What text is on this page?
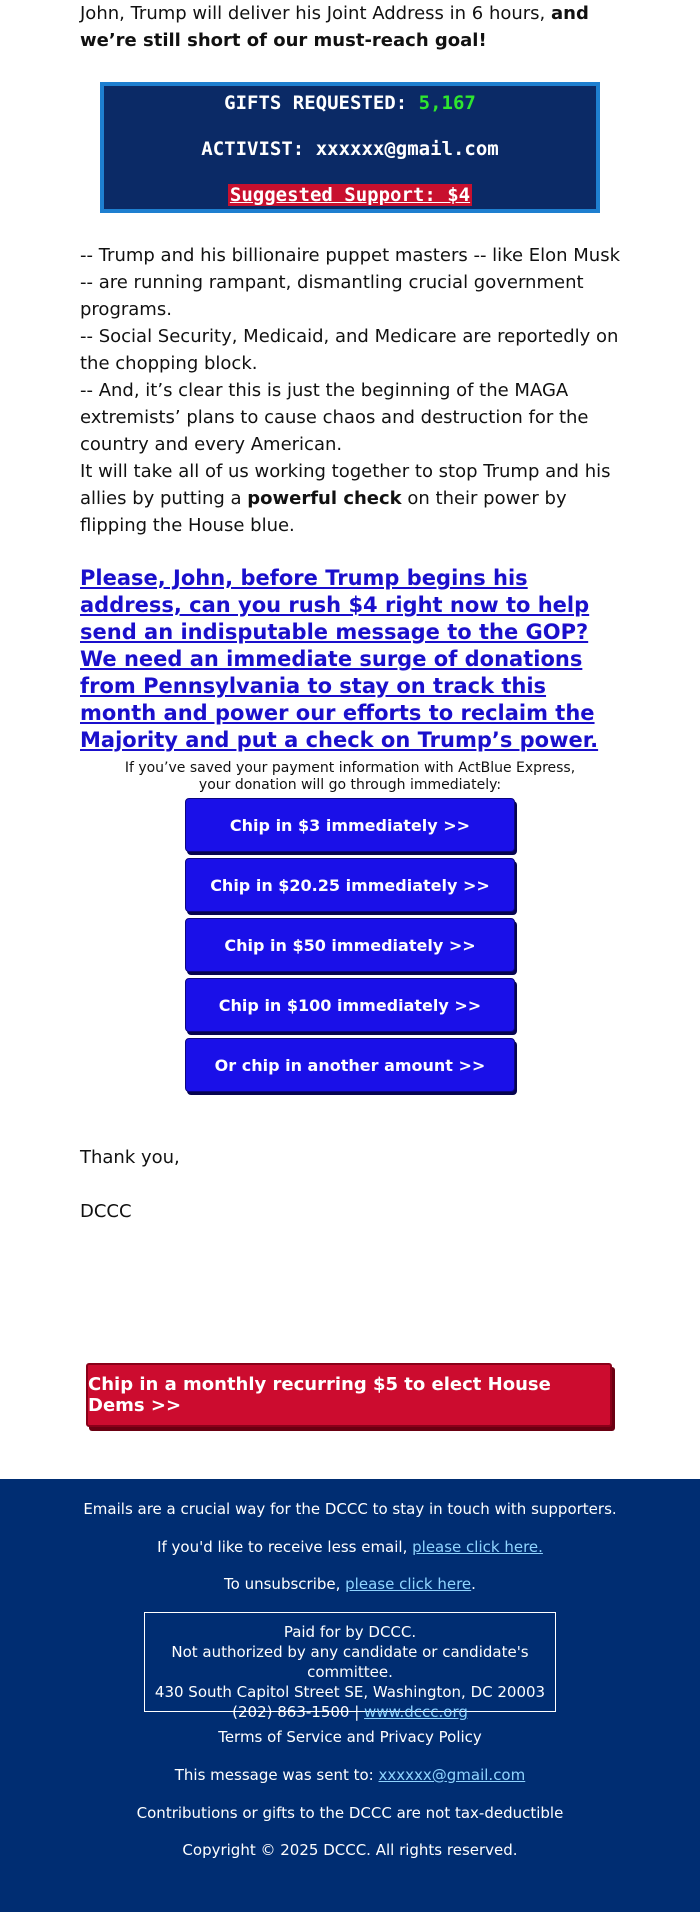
John, Trump will deliver his Joint Address in 6 hours, and we’re still short of our must-reach goal!
GIFTS REQUESTED: 5,167
ACTIVIST: xxxxxx@gmail.com
Suggested Support: $4
-- Trump and his billionaire puppet masters -- like Elon Musk -- are running rampant, dismantling crucial government programs.
-- Social Security, Medicaid, and Medicare are reportedly on the chopping block.
-- And, it’s clear this is just the beginning of the MAGA extremists’ plans to cause chaos and destruction for the country and every American.
It will take all of us working together to stop Trump and his allies by putting a powerful check on their power by flipping the House blue.
Please, John, before Trump begins his address, can you rush $4 right now to help send an indisputable message to the GOP? We need an immediate surge of donations from Pennsylvania to stay on track this month and power our efforts to reclaim the Majority and put a check on Trump’s power.
If you’ve saved your payment information with ActBlue Express,
your donation will go through immediately:
Chip in $3 immediately >>
Chip in $20.25 immediately >>
Chip in $50 immediately >>
Chip in $100 immediately >>
Or chip in another amount >>
Thank you,
DCCC
Chip in a monthly recurring $5 to elect House Dems >>
Emails are a crucial way for the DCCC to stay in touch with supporters.
If you'd like to receive less email, please click here.
To unsubscribe, please click here.
Paid for by DCCC.
Not authorized by any candidate or candidate's committee.
430 South Capitol Street SE, Washington, DC 20003
(202) 863-1500 | www.dccc.org
Terms of Service and Privacy Policy
This message was sent to: xxxxxx@gmail.com
Contributions or gifts to the DCCC are not tax-deductible
Copyright © 2025 DCCC. All rights reserved.
